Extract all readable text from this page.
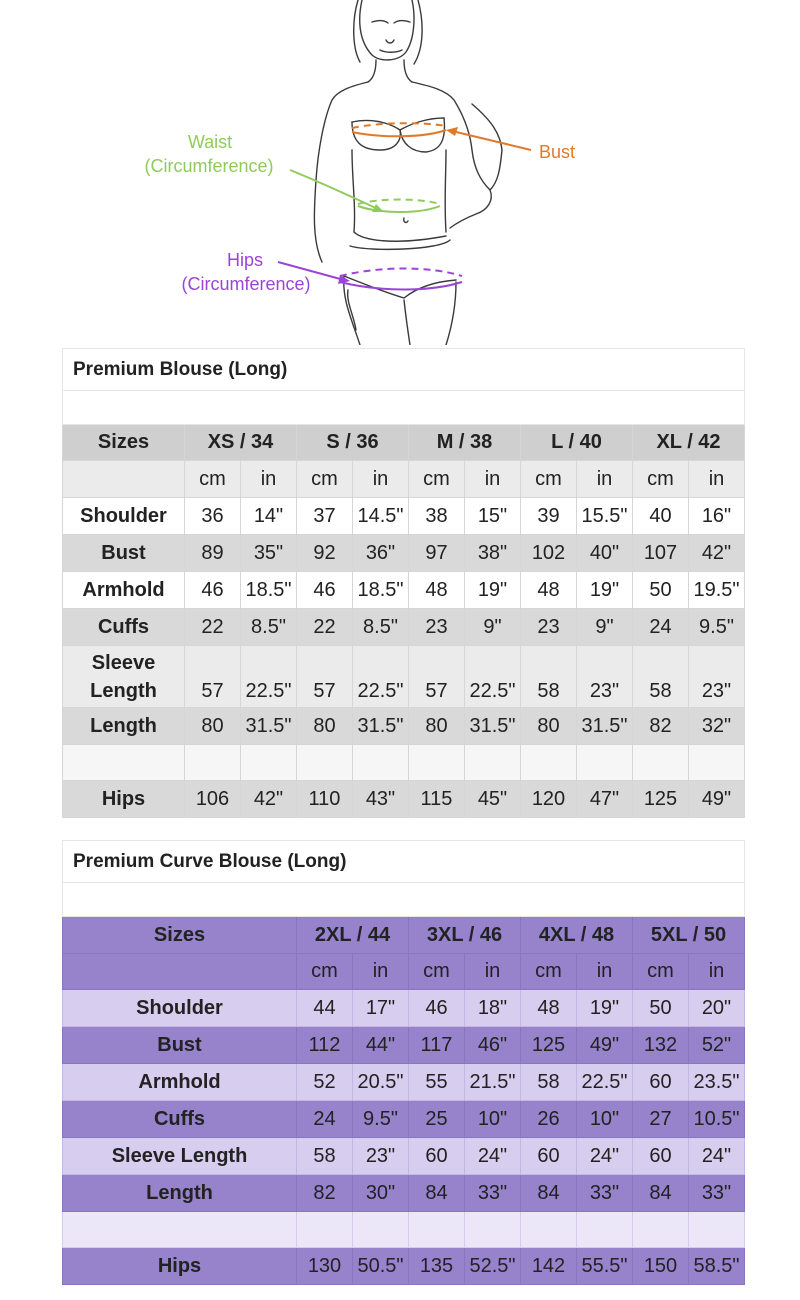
Waist
(Circumference)
Hips
(Circumference)
Bust
Premium Blouse (Long)										

Sizes	XS / 34		S / 36		M / 38		L / 40		XL / 42	
	cm	in	cm	in	cm	in	cm	in	cm	in
Shoulder	36	14"	37	14.5"	38	15"	39	15.5"	40	16"
Bust	89	35"	92	36"	97	38"	102	40"	107	42"
Armhold	46	18.5"	46	18.5"	48	19"	48	19"	50	19.5"
Cuffs	22	8.5"	22	8.5"	23	9"	23	9"	24	9.5"
Sleeve Length	57	22.5"	57	22.5"	57	22.5"	58	23"	58	23"
Length	80	31.5"	80	31.5"	80	31.5"	80	31.5"	82	32"

Hips	106	42"	110	43"	115	45"	120	47"	125	49"
Premium Curve Blouse (Long)								

Sizes	2XL / 44		3XL / 46		4XL / 48		5XL / 50	
	cm	in	cm	in	cm	in	cm	in
Shoulder	44	17"	46	18"	48	19"	50	20"
Bust	112	44"	117	46"	125	49"	132	52"
Armhold	52	20.5"	55	21.5"	58	22.5"	60	23.5"
Cuffs	24	9.5"	25	10"	26	10"	27	10.5"
Sleeve Length	58	23"	60	24"	60	24"	60	24"
Length	82	30"	84	33"	84	33"	84	33"

Hips	130	50.5"	135	52.5"	142	55.5"	150	58.5"
